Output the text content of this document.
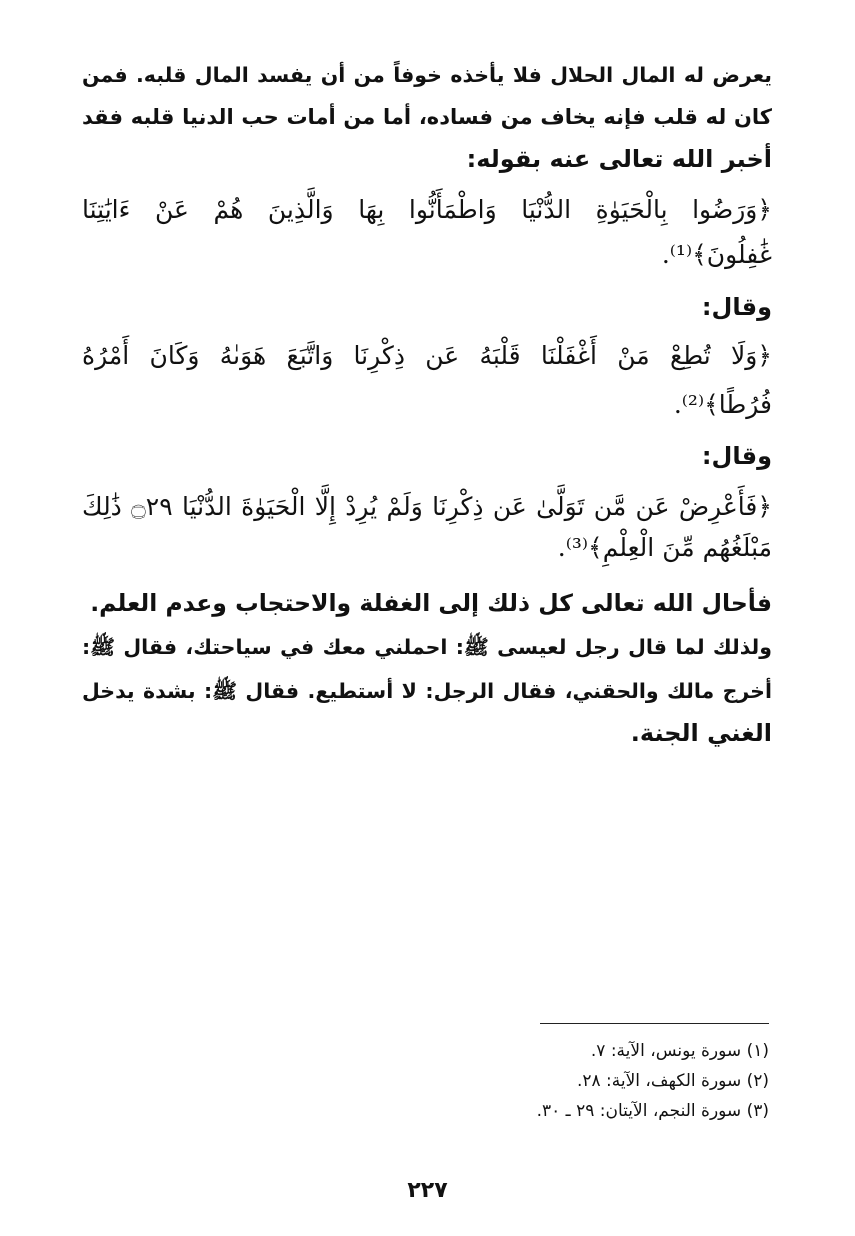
يعرض له المال الحلال فلا يأخذه خوفاً من أن يفسد المال قلبه. فمن
كان له قلب فإنه يخاف من فساده، أما من أمات حب الدنيا قلبه فقد
أخبر الله تعالى عنه بقوله:
﴿وَرَضُوا بِالْحَيَوٰةِ الدُّنْيَا وَاطْمَأَنُّوا بِهَا وَالَّذِينَ هُمْ عَنْ ءَايَٰتِنَا
غَٰفِلُونَ﴾⁽¹⁾.
وقال:
﴿وَلَا تُطِعْ مَنْ أَغْفَلْنَا قَلْبَهُ عَن ذِكْرِنَا وَاتَّبَعَ هَوَىٰهُ وَكَانَ أَمْرُهُ
فُرُطًا﴾⁽²⁾.
وقال:
﴿فَأَعْرِضْ عَن مَّن تَوَلَّىٰ عَن ذِكْرِنَا وَلَمْ يُرِدْ إِلَّا الْحَيَوٰةَ الدُّنْيَا ۝٢٩ ذَٰلِكَ
مَبْلَغُهُم مِّنَ الْعِلْمِ﴾⁽³⁾.
فأحال الله تعالى كل ذلك إلى الغفلة والاحتجاب وعدم العلم.
ولذلك لما قال رجل لعيسى ﷺ: احملني معك في سياحتك، فقال ﷺ:
أخرج مالك والحقني، فقال الرجل: لا أستطيع. فقال ﷺ: بشدة يدخل
الغني الجنة.
(١) سورة يونس، الآية: ٧.
(٢) سورة الكهف، الآية: ٢٨.
(٣) سورة النجم، الآيتان: ٢٩ ـ ٣٠.
٢٢٧
